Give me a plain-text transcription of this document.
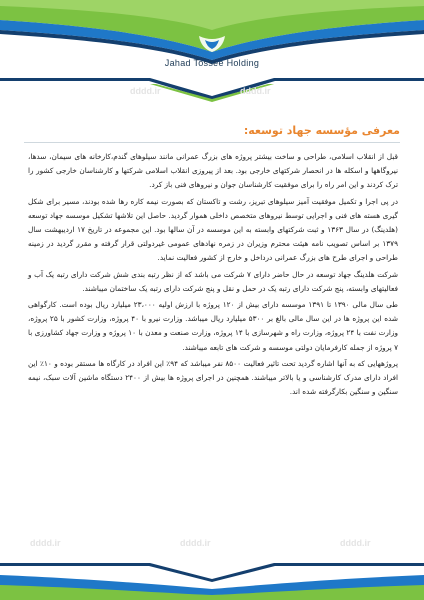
Jahad Tossee Holding
dddd.ir	dddd.ir
dddd.ir	dddd.ir	dddd.ir
معرفی مؤسسه جهاد توسعه:

قبل از انقلاب اسلامی، طراحی و ساخت بیشتر پروژه های بزرگ عمرانی مانند سیلوهای گندم،کارخانه های سیمان، سدها، نیروگاهها و اسکله ها در انحصار شرکتهای خارجی بود. بعد از پیروزی انقلاب اسلامی شرکتها و کارشناسان خارجی کشور را ترک کردند و این امر راه را برای موفقیت کارشناسان جوان و نیروهای فنی باز کرد.

در پی اجرا و تکمیل موفقیت آمیز سیلوهای تبریز، رشت و تاکستان که بصورت نیمه کاره رها شده بودند، مسیر برای شکل گیری هسته های فنی و اجرایی توسط نیروهای متخصص داخلی هموار گردید. حاصل این تلاشها تشکیل موسسه جهاد توسعه (هلدینگ) در سال ۱۳۶۳ و ثبت شرکتهای وابسته به این موسسه در آن سالها بود. این مجموعه در تاریخ ۱۷ اردیبهشت سال ۱۳۷۹ بر اساس تصویب نامه هیئت محترم وزیران در زمره نهادهای عمومی غیردولتی قرار گرفته و مقرر گردید در زمینه طراحی و اجرای طرح های بزرگ عمرانی درداخل و خارج از کشور فعالیت نماید.

شرکت هلدینگ جهاد توسعه در حال حاضر دارای ۷ شرکت می باشد که از نظر رتبه بندی شش شرکت دارای رتبه یک آب و فعالیتهای وابسته، پنج شرکت دارای رتبه یک در حمل و نقل و پنج شرکت دارای رتبه یک ساختمان میباشند.

طی سال مالی ۱۳۹۰ تا ۱۳۹۱ موسسه دارای بیش از ۱۲۰ پروژه با ارزش اولیه ۲۳،۰۰۰ میلیارد ریال بوده است. کارگواهی شده این پروژه ها در این سال مالی بالغ بر ۵۳۰۰ میلیارد ریال میباشد. وزارت نیرو با ۴۰ پروژه، وزارت کشور با ۲۵ پروژه، وزارت نفت با ۲۴ پروژه، وزارت راه و شهرسازی با ۱۴ پروژه، وزارت صنعت و معدن با ۱۰ پروژه و وزارت جهاد کشاورزی با ۷ پروژه از جمله کارفرمایان دولتی موسسه و شرکت های تابعه میباشند.

پروژههایی که به آنها اشاره گردید تحت تاثیر فعالیت ۸۵۰۰ نفر میباشد که ۹۴٪ این افراد در کارگاه ها مستقر بوده و ۱۰٪ این افراد دارای مدرک کارشناسی و یا بالاتر میباشند. همچنین در اجرای پروژه ها بیش از ۲۴۰۰ دستگاه ماشین آلات سبک، نیمه سنگین و سنگین بکارگرفته شده اند.
